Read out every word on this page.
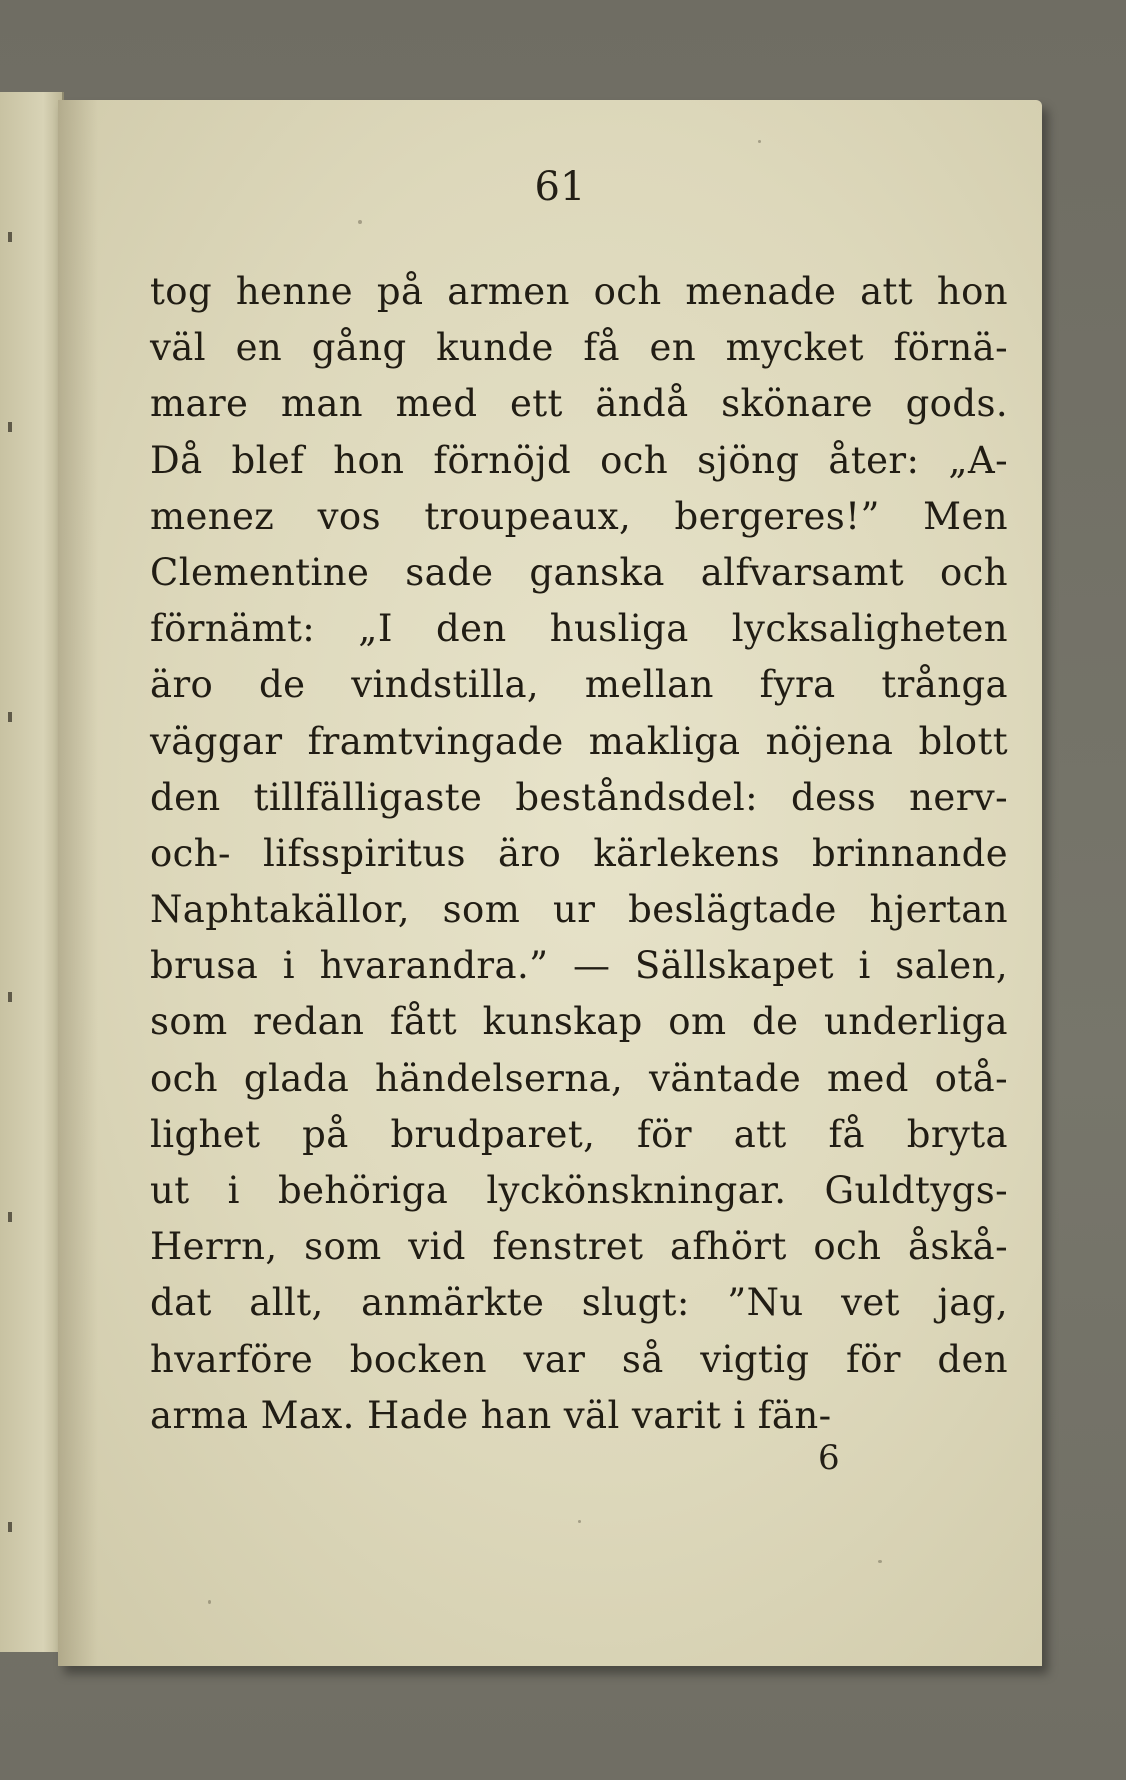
61
tog henne på armen och menade att hon
väl en gång kunde få en mycket förnä-
mare man med ett ändå skönare gods.
Då blef hon förnöjd och sjöng åter: „A-
menez vos troupeaux, bergeres!” Men
Clementine sade ganska alfvarsamt och
förnämt: „I den husliga lycksaligheten
äro de vindstilla, mellan fyra trånga
väggar framtvingade makliga nöjena blott
den tillfälligaste beståndsdel: dess nerv-
och- lifsspiritus äro kärlekens brinnande
Naphtakällor, som ur beslägtade hjertan
brusa i hvarandra.” — Sällskapet i salen,
som redan fått kunskap om de underliga
och glada händelserna, väntade med otå-
lighet på brudparet, för att få bryta
ut i behöriga lyckönskningar. Guldtygs-
Herrn, som vid fenstret afhört och åskå-
dat allt, anmärkte slugt: ”Nu vet jag,
hvarföre bocken var så vigtig för den
arma Max. Hade han väl varit i fän-
6
